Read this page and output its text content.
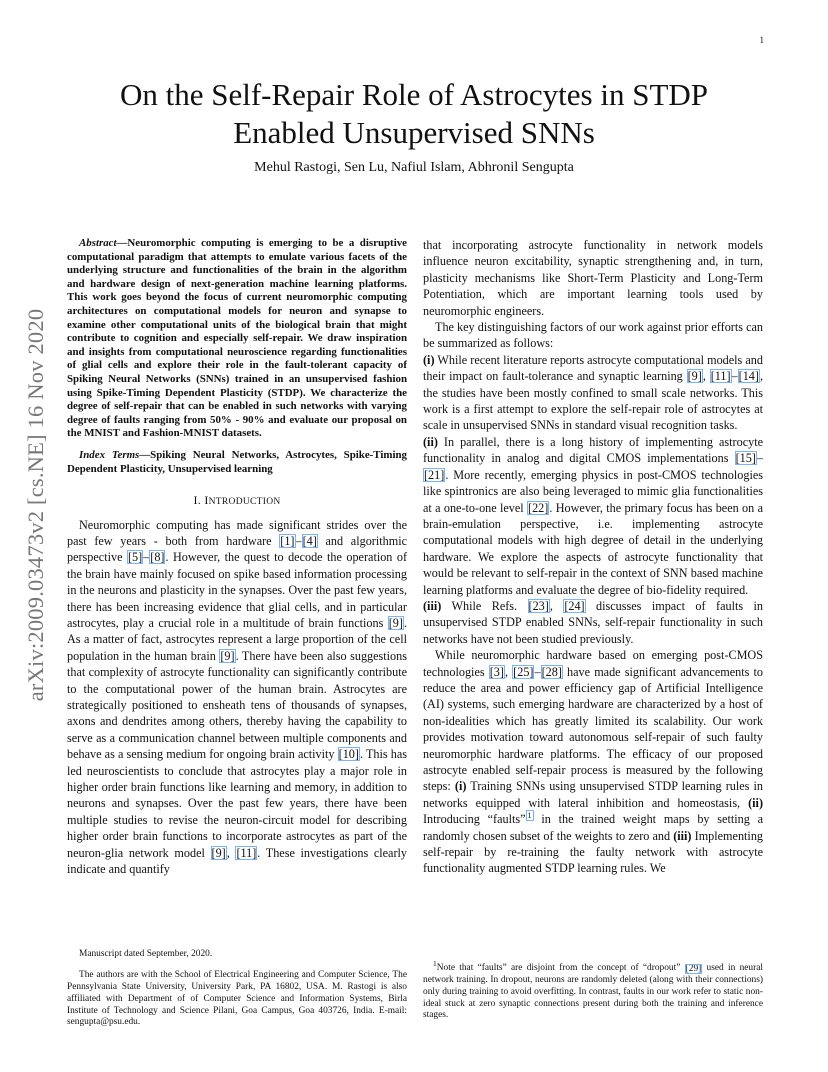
1
On the Self-Repair Role of Astrocytes in STDP
Enabled Unsupervised SNNs
Mehul Rastogi, Sen Lu, Nafiul Islam, Abhronil Sengupta
arXiv:2009.03473v2 [cs.NE] 16 Nov 2020

Abstract—Neuromorphic computing is emerging to be a disruptive computational paradigm that attempts to emulate various facets of the underlying structure and functionalities of the brain in the algorithm and hardware design of next-generation machine learning platforms. This work goes beyond the focus of current neuromorphic computing architectures on computational models for neuron and synapse to examine other computational units of the biological brain that might contribute to cognition and especially self-repair. We draw inspiration and insights from computational neuroscience regarding functionalities of glial cells and explore their role in the fault-tolerant capacity of Spiking Neural Networks (SNNs) trained in an unsupervised fashion using Spike-Timing Dependent Plasticity (STDP). We characterize the degree of self-repair that can be enabled in such networks with varying degree of faults ranging from 50% - 90% and evaluate our proposal on the MNIST and Fashion-MNIST datasets.

Index Terms—Spiking Neural Networks, Astrocytes, Spike-Timing Dependent Plasticity, Unsupervised learning

I. INTRODUCTION

Neuromorphic computing has made significant strides over the past few years - both from hardware [1]–[4] and algorithmic perspective [5]–[8]. However, the quest to decode the operation of the brain have mainly focused on spike based information processing in the neurons and plasticity in the synapses. Over the past few years, there has been increasing evidence that glial cells, and in particular astrocytes, play a crucial role in a multitude of brain functions [9]. As a matter of fact, astrocytes represent a large proportion of the cell population in the human brain [9]. There have been also suggestions that complexity of astrocyte functionality can significantly contribute to the computational power of the human brain. Astrocytes are strategically positioned to ensheath tens of thousands of synapses, axons and dendrites among others, thereby having the capability to serve as a communication channel between multiple components and behave as a sensing medium for ongoing brain activity [10]. This has led neuroscientists to conclude that astrocytes play a major role in higher order brain functions like learning and memory, in addition to neurons and synapses. Over the past few years, there have been multiple studies to revise the neuron-circuit model for describing higher order brain functions to incorporate astrocytes as part of the neuron-glia network model [9], [11]. These investigations clearly indicate and quantify

that incorporating astrocyte functionality in network models influence neuron excitability, synaptic strengthening and, in turn, plasticity mechanisms like Short-Term Plasticity and Long-Term Potentiation, which are important learning tools used by neuromorphic engineers.

The key distinguishing factors of our work against prior efforts can be summarized as follows:

(i) While recent literature reports astrocyte computational models and their impact on fault-tolerance and synaptic learning [9], [11]–[14], the studies have been mostly confined to small scale networks. This work is a first attempt to explore the self-repair role of astrocytes at scale in unsupervised SNNs in standard visual recognition tasks.

(ii) In parallel, there is a long history of implementing astrocyte functionality in analog and digital CMOS implementations [15]–[21]. More recently, emerging physics in post-CMOS technologies like spintronics are also being leveraged to mimic glia functionalities at a one-to-one level [22]. However, the primary focus has been on a brain-emulation perspective, i.e. implementing astrocyte computational models with high degree of detail in the underlying hardware. We explore the aspects of astrocyte functionality that would be relevant to self-repair in the context of SNN based machine learning platforms and evaluate the degree of bio-fidelity required.

(iii) While Refs. [23], [24] discusses impact of faults in unsupervised STDP enabled SNNs, self-repair functionality in such networks have not been studied previously.

While neuromorphic hardware based on emerging post-CMOS technologies [3], [25]–[28] have made significant advancements to reduce the area and power efficiency gap of Artificial Intelligence (AI) systems, such emerging hardware are characterized by a host of non-idealities which has greatly limited its scalability. Our work provides motivation toward autonomous self-repair of such faulty neuromorphic hardware platforms. The efficacy of our proposed astrocyte enabled self-repair process is measured by the following steps: (i) Training SNNs using unsupervised STDP learning rules in networks equipped with lateral inhibition and homeostasis, (ii) Introducing “faults” $^1$ in the trained weight maps by setting a randomly chosen subset of the weights to zero and (iii) Implementing self-repair by re-training the faulty network with astrocyte functionality augmented STDP learning rules. We

Manuscript dated September, 2020.

The authors are with the School of Electrical Engineering and Computer Science, The Pennsylvania State University, University Park, PA 16802, USA. M. Rastogi is also affiliated with Department of of Computer Science and Information Systems, Birla Institute of Technology and Science Pilani, Goa Campus, Goa 403726, India. E-mail: sengupta@psu.edu.

$^1$Note that “faults” are disjoint from the concept of “dropout” [29] used in neural network training. In dropout, neurons are randomly deleted (along with their connections) only during training to avoid overfitting. In contrast, faults in our work refer to static non-ideal stuck at zero synaptic connections present during both the training and inference stages.
